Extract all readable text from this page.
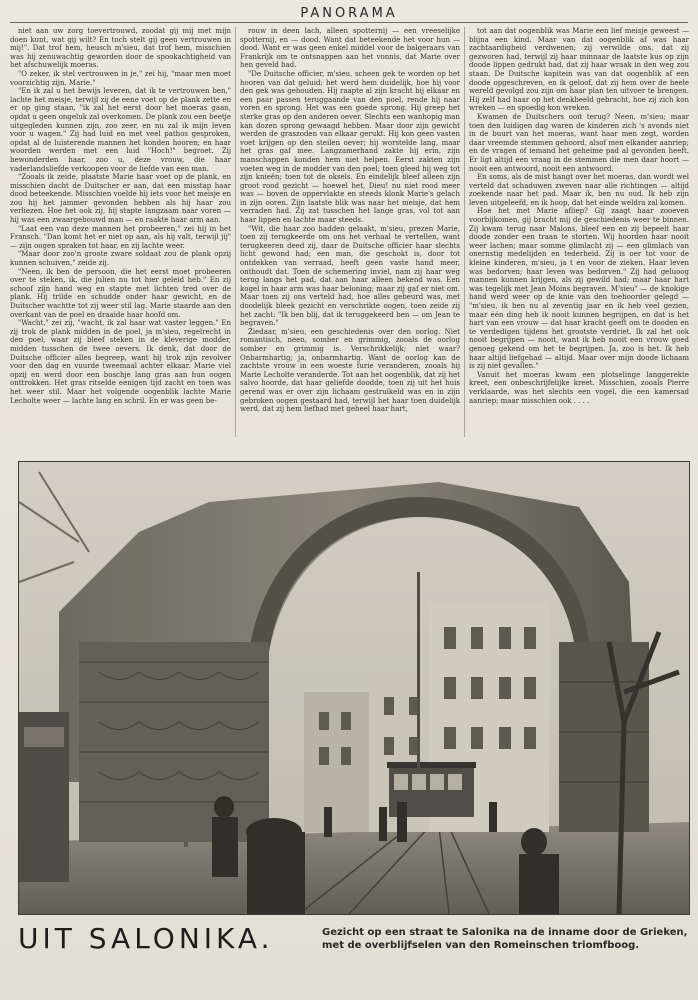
PANORAMA

niet aan uw zorg toevertrouwd, zoodat gij mij met mijn doen kunt, wat gij wilt? En toch stelt gij geen vertrouwen in mij!". Dat trof hem, heusch m'sieu, dat trof hem, misschien was hij zenuwachtig geworden door de spookachtigheid van het afschuwelijk moeras.

"O zeker, ik stel vertrouwen in je," zei hij, "maar men moet voorzichtig zijn, Marie."

"En ik zal u het bewijs leveren, dat ik te vertrouwen ben," lachte het meisje, terwijl zij de eene voet op de plank zette en er op ging staan, "ik zal het eerst door het moeras gaan, opdat u geen ongeluk zal overkomen. De plank zou een beetje uitgegleden kunnen zijn, zoo zeer, en nu zal ik mijn leven voor u wagen." Zij had luid en met veel pathos gesproken, opdat al de luisterende mannen het konden hooren; en haar woorden werden met een luid "Hoch!" begroet. Zij bewonderden haar, zoo u, deze vrouw, die haar vaderlandsliefde verkoopen voor de liefde van een man.

"Zooals ik zeide, plaatste Marie haar voet op de plank, en misschien dacht de Duitscher er aan, dat een misstap haar dood beteekende. Misschien voelde hij iets voor het meisje en zou hij het jammer gevonden hebben als hij haar zou verliezen. Hoe het ook zij, hij stapte langzaam naar voren — hij was een zwaargebouwd man — en raakte haar arm aan.

"Laat een van deze mannen het probeeren," zei hij in het Fransch. "Dan komt het er niet op aan, als hij valt, terwijl jij" — zijn oogen spraken tot haar, en zij lachte weer.

"Maar door zoo'n groote zware soldaat zou de plank opzij kunnen schuiven," zeide zij.

"Neen, ik ben de persoon, die het eerst moet probeeren over te steken, ik, die julien nu tot hier geleid heb." En zij schoof zijn hand weg en stapte met lichten tred over de plank. Hij trilde en schudde onder haar gewicht, en de Duitscher wachtte tot zij weer stil lag. Marie staarde aan den overkant van de poel en draaide haar hoofd om.

"Wacht," zei zij, "wacht, ik zal haar wat vaster leggen." En zij trok de plank midden in de poel, ja m'sieu, regelrecht in den poel, waar zij bleef steken in de kleverige modder, midden tusschen de twee oevers. Ik denk, dat door de Duitsche officier alles begreep, want hij trok zijn revolver voor den dag en vuurde tweemaal achter elkaar. Marie viel opzij en werd door een boschje lang gras aan hun oogen onttrokken. Het gras ritselde eenigen tijd zacht en toen was het weer stil. Maar het volgende oogenblik lachte Marie Lecholte weer — lachte lang en schril. En er was geen be-

rouw in deen lach, alleen spotternij — een vreeselijke spotternij, en — dood. Want dat beteekende het voor hun — dood. Want er was geen enkel middel voor de balgeraars van Frankrijk om te ontsnappen aan het vonnis, dat Marie over hen geveld had.

"De Duitsche officier, m'sieu, scheen gek te worden op het hooren van dat geluid; het werd hem duidelijk, hoe hij voor den gek was gehouden. Hij raapte al zijn kracht bij elkaar en een paar passen teruggaande van den poel, rende hij naar voren en sprong. Het was een goede sprong. Hij greep het sterke gras op den anderen oever. Slechts een wanhopig man kan dozen sprong gewaagd hebben. Maar door zijn gewicht werden de graszoden van elkaar gerukt. Hij kon geen vasten voet krijgen op den steilen oever; hij worstelde lang, maar het gras gaf mee. Langzamerhand zakte hij erin, zijn manschappen konden hem niet helpen. Eerst zakten zijn voeten weg in de modder van den poel; toen gleed hij weg tot zijn knieën; toen tot de oksels. En eindelijk bleef alleen zijn groot rood gezicht — hoewel het, Dieu! nu niet rood meer was — boven de oppervlakte en steeds klonk Marie's gelach in zijn ooren. Zijn laatste blik was naar het meisje, dat hem verraden had. Zij zat tusschen het lange gras, vol tot aan haar lippen en lachte maar steeds.

"Wit, die haar zoo hadden gelaakt, m'sieu, prezen Marie, toen zij terugkeerde om ons het verhaal te vertellen, want terugkeeren deed zij, daar de Duitsche officier haar slechts licht gewond had; een man, die geschokt is, door tot ontdekken van verraad, heeft geen vaste hand meer, onthoudt dat. Toen de schemering inviel, nam zij haar weg terug langs het pad, dat aan haar alleen bekend was. Een kogel in haar arm was haar beloning; maar zij gaf er niet om. Maar toen zij ons verteld had, hoe alles gebeurd was, met doodelijk bleek gezicht en verschrikte oogen, toen zeide zij het zacht: "Ik ben blij, dat ik teruggekeerd ben — om Jean te begraven."

Ziedaar, m'sieu, een geschiedenis over den oorlog. Niet romantisch, neen, somber en grimmig, zooals de oorlog somber en grimmig is. Verschrikkelijk; niet waar? Onbarmhartig; ja, onbarmhartig. Want de oorlog kan de zachtste vrouw in een woeste furie veranderen, zooals hij Marie Lecholte veranderde. Tot aan het oogenblik, dat zij het salvo hoorde, dat haar geliefde doodde, toen zij uit het huis gerend was er over zijn lichaam gestruikeld was en in zijn gebroken oogen gestaard had, terwijl het haar toen duidelijk werd, dat zij hem liefhad met geheel haar hart,

tot aan dat oogenblik was Marie een lief meisje geweest — blijna een kind. Maar van dat oogenblik af was haar zachtaardigheid verdwenen; zij verwilde ons, dat zij gezworen had, terwijl zij haar minnaar de laatste kus op zijn doode lippen gedrukt had, dat zij haar wraak in den weg zou staan. De Duitsche kapitein was van dat oogenblik af een doode opgeschreven, en ik geloof, dat zij hem over de heele wereld gevolgd zou zijn om haar plan ten uitvoer te brengen. Hij zelf had haar op het denkbeeld gebracht, hoe zij zich kon wreken — en spoedig kon wreken.

Kwamen de Duitschers ooit terug? Neen, m'sieu; maar toen den luidigen dag waren de kinderen zich 's avonds niet in de buurt van het moeras, want haar men zegt, worden daar vreemde stemmen gehoord, alsof men elkander aanriep; en de vragen of iemand het geheime pad al gevonden heeft. Er ligt altijd een vraag in de stemmen die men daar hoort — nooit een antwoord, nooit een antwoord.

En soms, als de mist hangt over het moeras, dan wordt wel verteld dat schaduwen zweven naar alle richtingen — altijd zoekende naar het pad. Maar ik, ben nu oud. Ik heb zijn leven uitgeleefd, en ik hoop, dat het einde weldra zal komen.

Hoe het met Marie afliep? Gij zaagt haar zooeven voorbijkomen, gij bracht mij de geschiedenis weer te binnen. Zij kwam terug naar Malons, bleef een en zij bepeelt haar doode zonder een traan te storten. Wij hoorden haar nooit weer lachen; maar somme glimlacht zij — een glimlach van onernstig medelijden en tederheid. Zij is oer tot voor de kleine kinderen, m'sieu, ja t en voor de zieken. Haar leven was bedorven; haar leven was bedorven." Zij had geluoog mannen kunnen krijgen, als zij gewild had; maar haar hart was tegelijk met Jean Moins begraven. M'sieu" — de knokige hand werd weer op de knie van den toehoorder gelegd — "m'sieu, ik ben nu al zeventig jaar en ik heb veel gezien, maar één ding heb ik nooit kunnen begrijpen, en dat is het hart van een vrouw — dat haar kracht geeft om te dooden en te verdedigen tijdens het grootste verdriet. Ik zal het ook nooit begrijpen — nooit, want ik heb nooit een vrouw goed genoeg gekend om het te begrijpen. Ja, zoo is het. Ik heb haar altijd liefgehad — altijd. Maar over mijn doode lichaam is zij niet gevallen."

Vanuit het moeras kwam een plotselinge langgerekte kreet, een onbeschrijfelijke kreet. Misschien, zooals Pierre verklaarde, was het slechts een vogel, die een kamersad aanriep; maar misschien ook . . . .

UIT SALONIKA.	Gezicht op een straat te Salonika na de inname door de Grieken, met de overblijfselen van den Romeinschen triomfboog.
